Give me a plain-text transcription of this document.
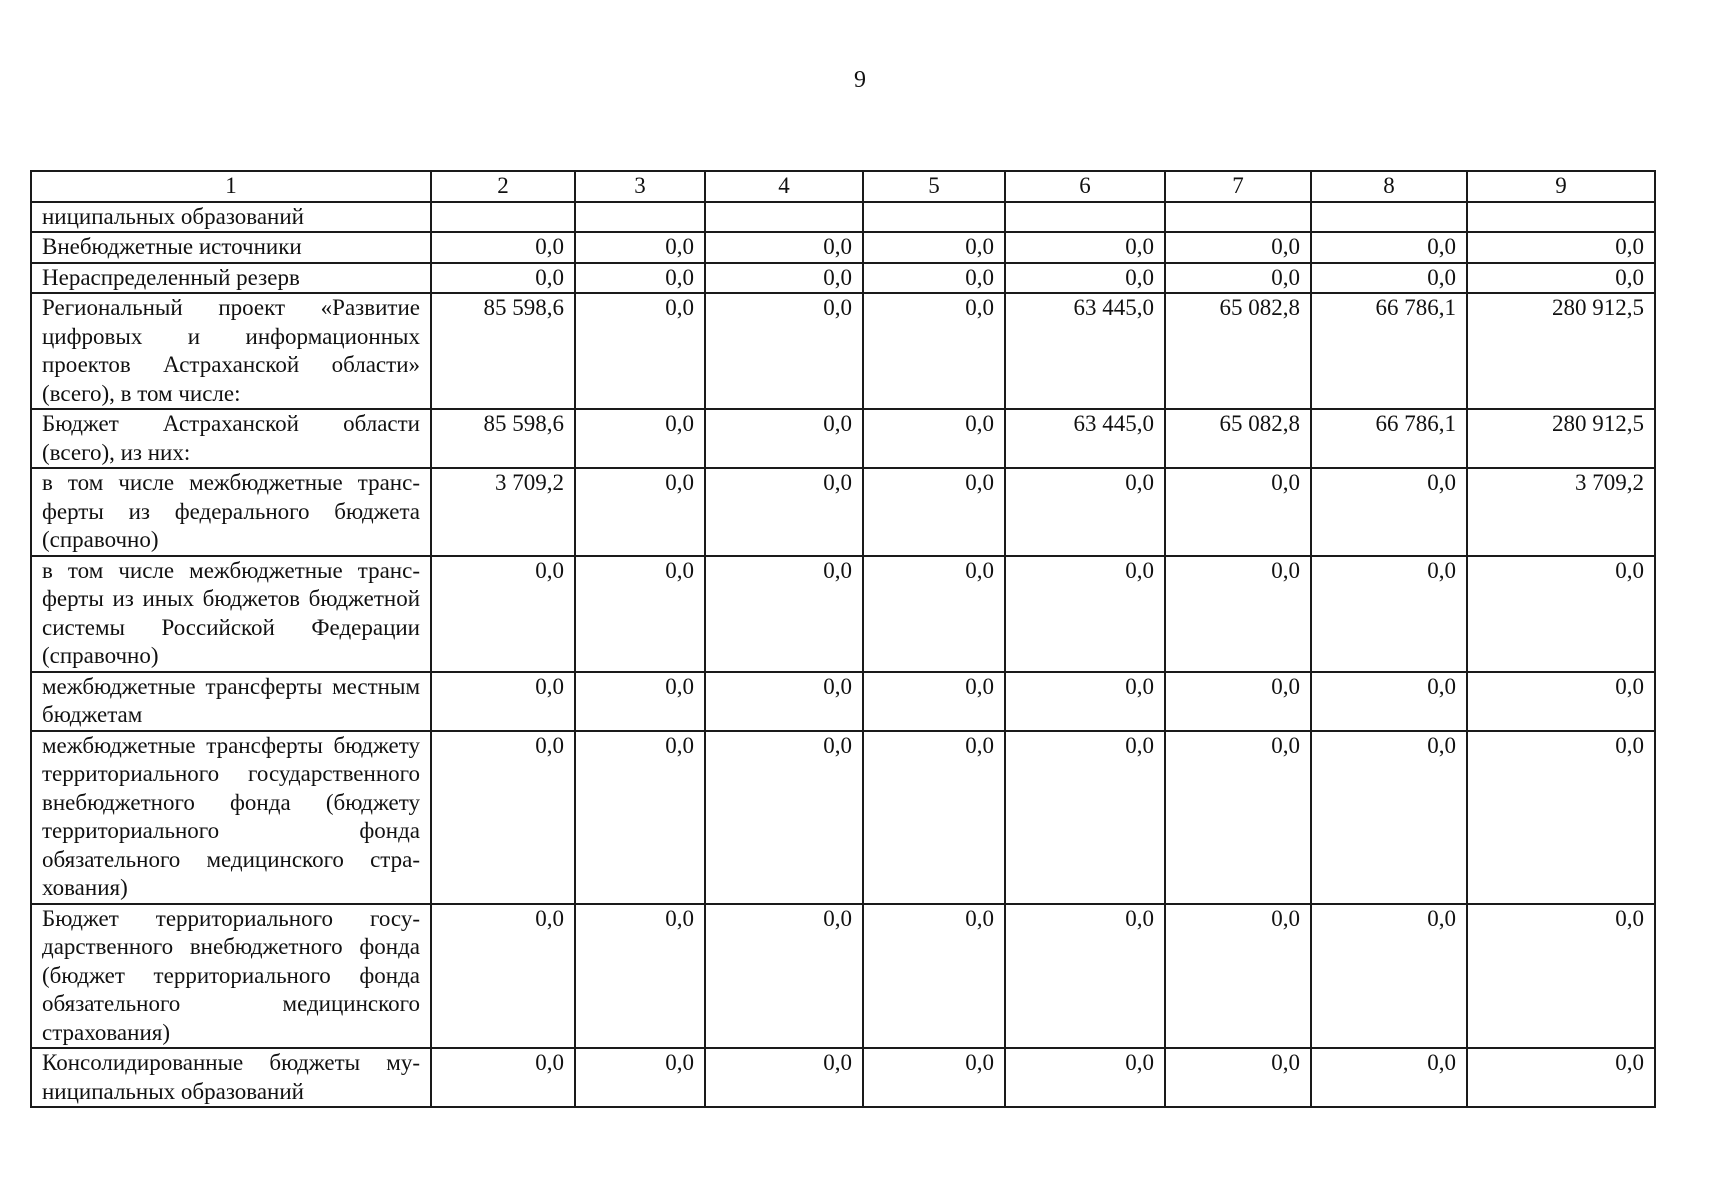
9
1	2	3	4	5	6	7	8	9
ниципальных образований								
Внебюджетные источники	0,0	0,0	0,0	0,0	0,0	0,0	0,0	0,0
Нераспределенный резерв	0,0	0,0	0,0	0,0	0,0	0,0	0,0	0,0
Региональный проект «Развитие цифровых и информационных проектов Астраханской области» (всего), в том числе:	85 598,6	0,0	0,0	0,0	63 445,0	65 082,8	66 786,1	280 912,5
Бюджет Астраханской области (всего), из них:	85 598,6	0,0	0,0	0,0	63 445,0	65 082,8	66 786,1	280 912,5
в том числе межбюджетные трансферты из федерального бюджета (справочно)	3 709,2	0,0	0,0	0,0	0,0	0,0	0,0	3 709,2
в том числе межбюджетные трансферты из иных бюджетов бюджетной системы Российской Федерации (справочно)	0,0	0,0	0,0	0,0	0,0	0,0	0,0	0,0
межбюджетные трансферты местным бюджетам	0,0	0,0	0,0	0,0	0,0	0,0	0,0	0,0
межбюджетные трансферты бюджету территориального государственного внебюджетного фонда (бюджету территориального фонда обязательного медицинского страхования)	0,0	0,0	0,0	0,0	0,0	0,0	0,0	0,0
Бюджет территориального государственного внебюджетного фонда (бюджет территориального фонда обязательного медицинского страхования)	0,0	0,0	0,0	0,0	0,0	0,0	0,0	0,0
Консолидированные бюджеты муниципальных образований	0,0	0,0	0,0	0,0	0,0	0,0	0,0	0,0
